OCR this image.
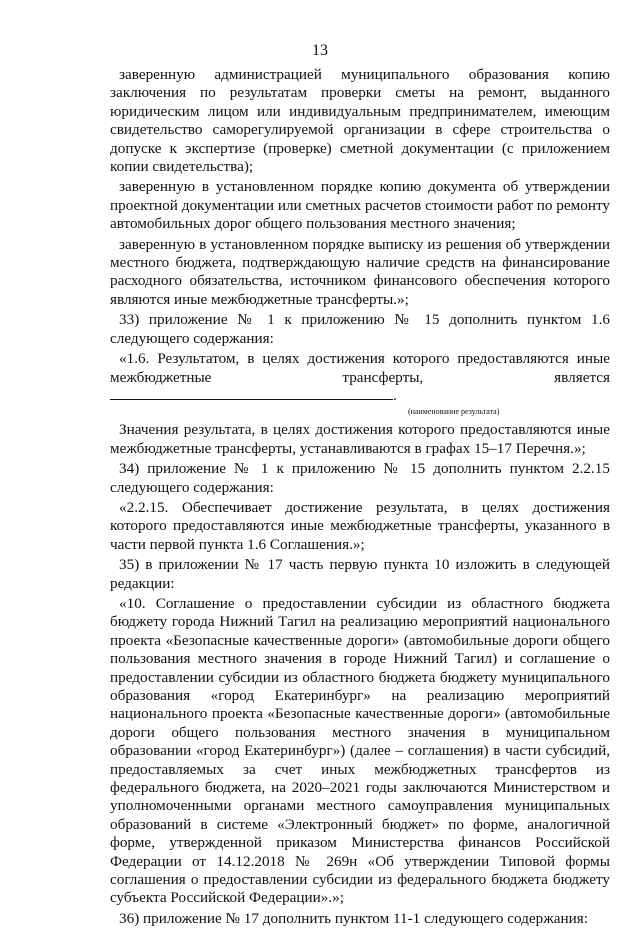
13

заверенную администрацией муниципального образования копию заключения по результатам проверки сметы на ремонт, выданного юридическим лицом или индивидуальным предпринимателем, имеющим свидетельство саморегулируемой организации в сфере строительства о допуске к экспертизе (проверке) сметной документации (с приложением копии свидетельства);

заверенную в установленном порядке копию документа об утверждении проектной документации или сметных расчетов стоимости работ по ремонту автомобильных дорог общего пользования местного значения;

заверенную в установленном порядке выписку из решения об утверждении местного бюджета, подтверждающую наличие средств на финансирование расходного обязательства, источником финансового обеспечения которого являются иные межбюджетные трансферты.»;

33) приложение № 1 к приложению № 15 дополнить пунктом 1.6 следующего содержания:

«1.6. Результатом, в целях достижения которого предоставляются иные межбюджетные трансферты, является .

(наименование результата)

Значения результата, в целях достижения которого предоставляются иные межбюджетные трансферты, устанавливаются в графах 15–17 Перечня.»;

34) приложение № 1 к приложению № 15 дополнить пунктом 2.2.15 следующего содержания:

«2.2.15. Обеспечивает достижение результата, в целях достижения которого предоставляются иные межбюджетные трансферты, указанного в части первой пункта 1.6 Соглашения.»;

35) в приложении № 17 часть первую пункта 10 изложить в следующей редакции:

«10. Соглашение о предоставлении субсидии из областного бюджета бюджету города Нижний Тагил на реализацию мероприятий национального проекта «Безопасные качественные дороги» (автомобильные дороги общего пользования местного значения в городе Нижний Тагил) и соглашение о предоставлении субсидии из областного бюджета бюджету муниципального образования «город Екатеринбург» на реализацию мероприятий национального проекта «Безопасные качественные дороги» (автомобильные дороги общего пользования местного значения в муниципальном образовании «город Екатеринбург») (далее – соглашения) в части субсидий, предоставляемых за счет иных межбюджетных трансфертов из федерального бюджета, на 2020–2021 годы заключаются Министерством и уполномоченными органами местного самоуправления муниципальных образований в системе «Электронный бюджет» по форме, аналогичной форме, утвержденной приказом Министерства финансов Российской Федерации от 14.12.2018 № 269н «Об утверждении Типовой формы соглашения о предоставлении субсидии из федерального бюджета бюджету субъекта Российской Федерации».»;

36) приложение № 17 дополнить пунктом 11-1 следующего содержания:
